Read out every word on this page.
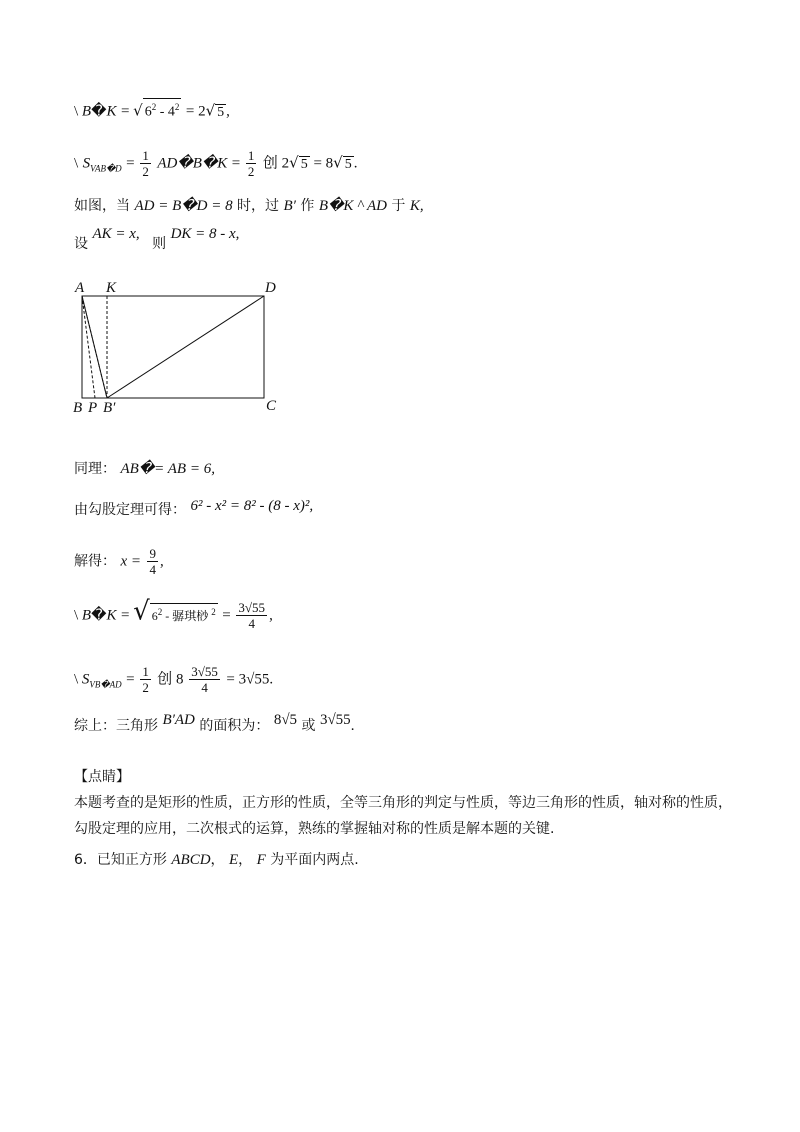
\ B�K = √ $6^2 - 4^2 = 2√$ 5 ,
\ $S_{VAB�D} = \frac{1}{2}$ AD�B�K = $\frac{1}{2}$ 创 2√ 5 = 8√ 5 .
如图，当 AD = B�D = 8 时，过 B′ 作 B�K ^ AD 于 K,
设 AK = x, 则 DK = 8 - x,
A K	D
B P B′	C
同理： AB�= AB = 6,
由勾股定理可得： 6² - x² = 8² - (8 - x)²,
解得： $x = \frac{9}{4}$ ,
\ B�K = √ $6^2$ - 骣琪桫 $^2 = \frac{3√55}{4}$ ,
\ $S_{VB�AD} = \frac{1}{2}$ 创 $8 \frac{3√55}{4} = 3√55$.
综上：三角形 B′AD 的面积为： 8√5 或 3√55.
【点睛】
本题考查的是矩形的性质，正方形的性质，全等三角形的判定与性质，等边三角形的性质，轴对称的性质，勾股定理的应用，二次根式的运算，熟练的掌握轴对称的性质是解本题的关键.
6．已知正方形 ABCD， E， F 为平面内两点.
